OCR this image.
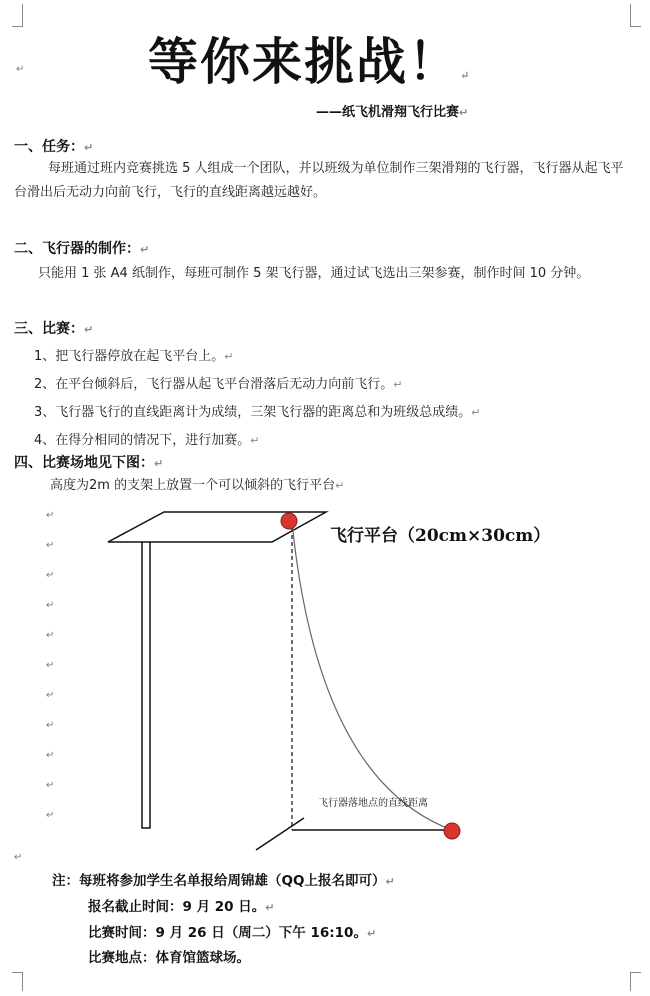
等你来挑战！↵
↵
——纸飞机滑翔飞行比赛↵
一、任务：↵
每班通过班内竞赛挑选 5 人组成一个团队，并以班级为单位制作三架滑翔的飞行器，飞行器从起飞平台滑出后无动力向前飞行，飞行的直线距离越远越好。
二、飞行器的制作：↵
只能用 1 张 A4 纸制作，每班可制作 5 架飞行器，通过试飞选出三架参赛，制作时间 10 分钟。
三、比赛：↵
1、把飞行器停放在起飞平台上。↵
2、在平台倾斜后，飞行器从起飞平台滑落后无动力向前飞行。↵
3、飞行器飞行的直线距离计为成绩，三架飞行器的距离总和为班级总成绩。↵
4、在得分相同的情况下，进行加赛。↵
四、比赛场地见下图：↵
高度为2m 的支架上放置一个可以倾斜的飞行平台↵
↵
↵
↵
↵
↵
↵
↵
↵
↵
↵
↵
↵
飞行平台（20cm×30cm）
飞行器落地点的直线距离
注：每班将参加学生名单报给周锦雄（QQ上报名即可）↵
报名截止时间：9 月 20 日。↵
比赛时间：9 月 26 日（周二）下午 16:10。↵
比赛地点：体育馆篮球场。
